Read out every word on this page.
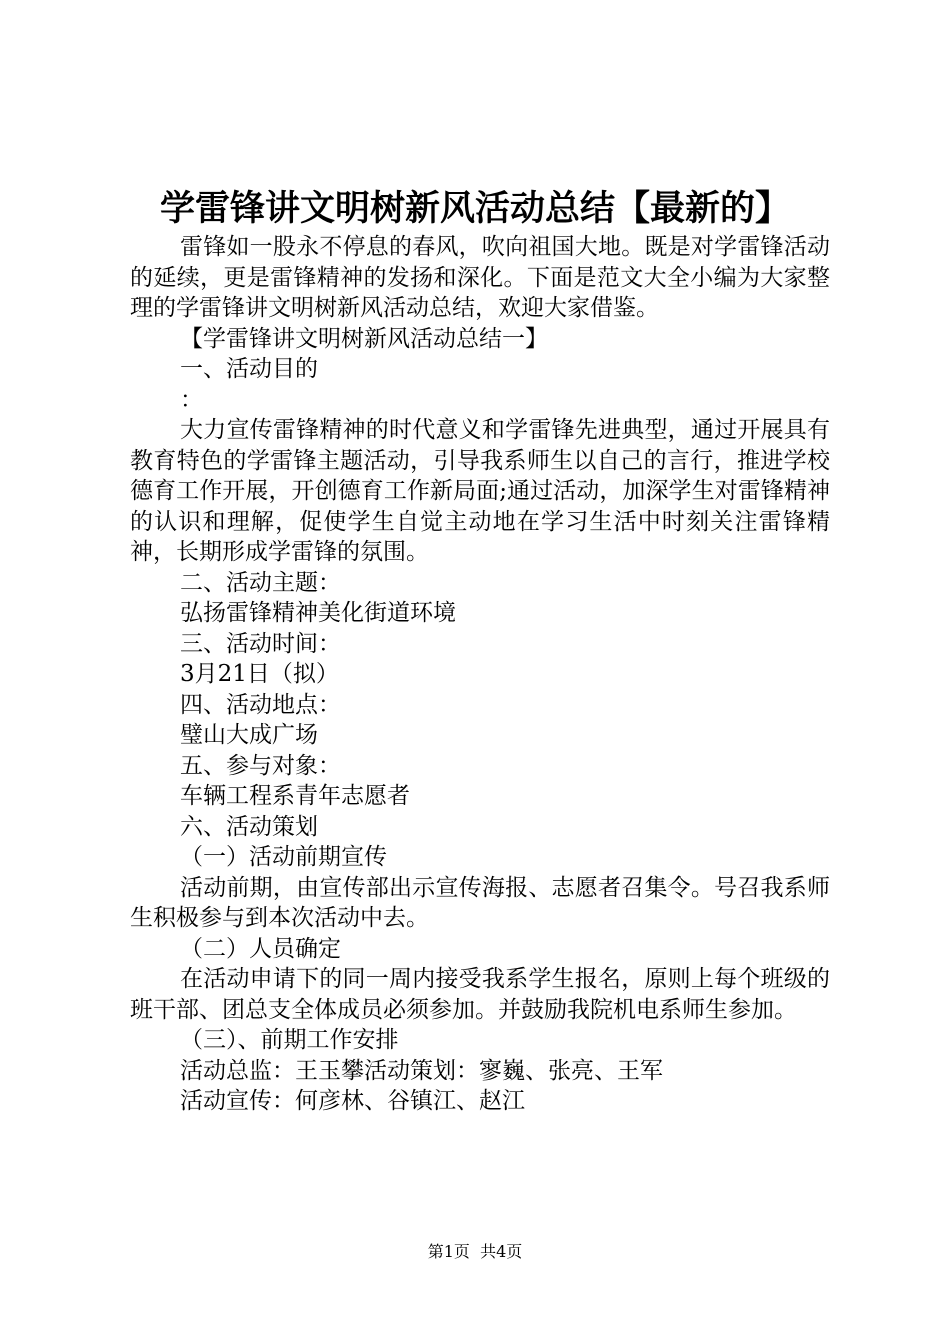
学雷锋讲文明树新风活动总结【最新的】

雷锋如一股永不停息的春风，吹向祖国大地。既是对学雷锋活动的延续，更是雷锋精神的发扬和深化。下面是范文大全小编为大家整理的学雷锋讲文明树新风活动总结，欢迎大家借鉴。

【学雷锋讲文明树新风活动总结一】

一、活动目的

：

大力宣传雷锋精神的时代意义和学雷锋先进典型，通过开展具有教育特色的学雷锋主题活动，引导我系师生以自己的言行，推进学校德育工作开展，开创德育工作新局面;通过活动，加深学生对雷锋精神的认识和理解，促使学生自觉主动地在学习生活中时刻关注雷锋精神，长期形成学雷锋的氛围。

二、活动主题：

弘扬雷锋精神美化街道环境

三、活动时间：

3月21日（拟）

四、活动地点：

璧山大成广场

五、参与对象：

车辆工程系青年志愿者

六、活动策划

（一）活动前期宣传

活动前期，由宣传部出示宣传海报、志愿者召集令。号召我系师生积极参与到本次活动中去。

（二）人员确定

在活动申请下的同一周内接受我系学生报名，原则上每个班级的班干部、团总支全体成员必须参加。并鼓励我院机电系师生参加。

（三）、前期工作安排

活动总监：王玉攀活动策划：寥巍、张亮、王军

活动宣传：何彦林、谷镇江、赵江

第1页  共4页
